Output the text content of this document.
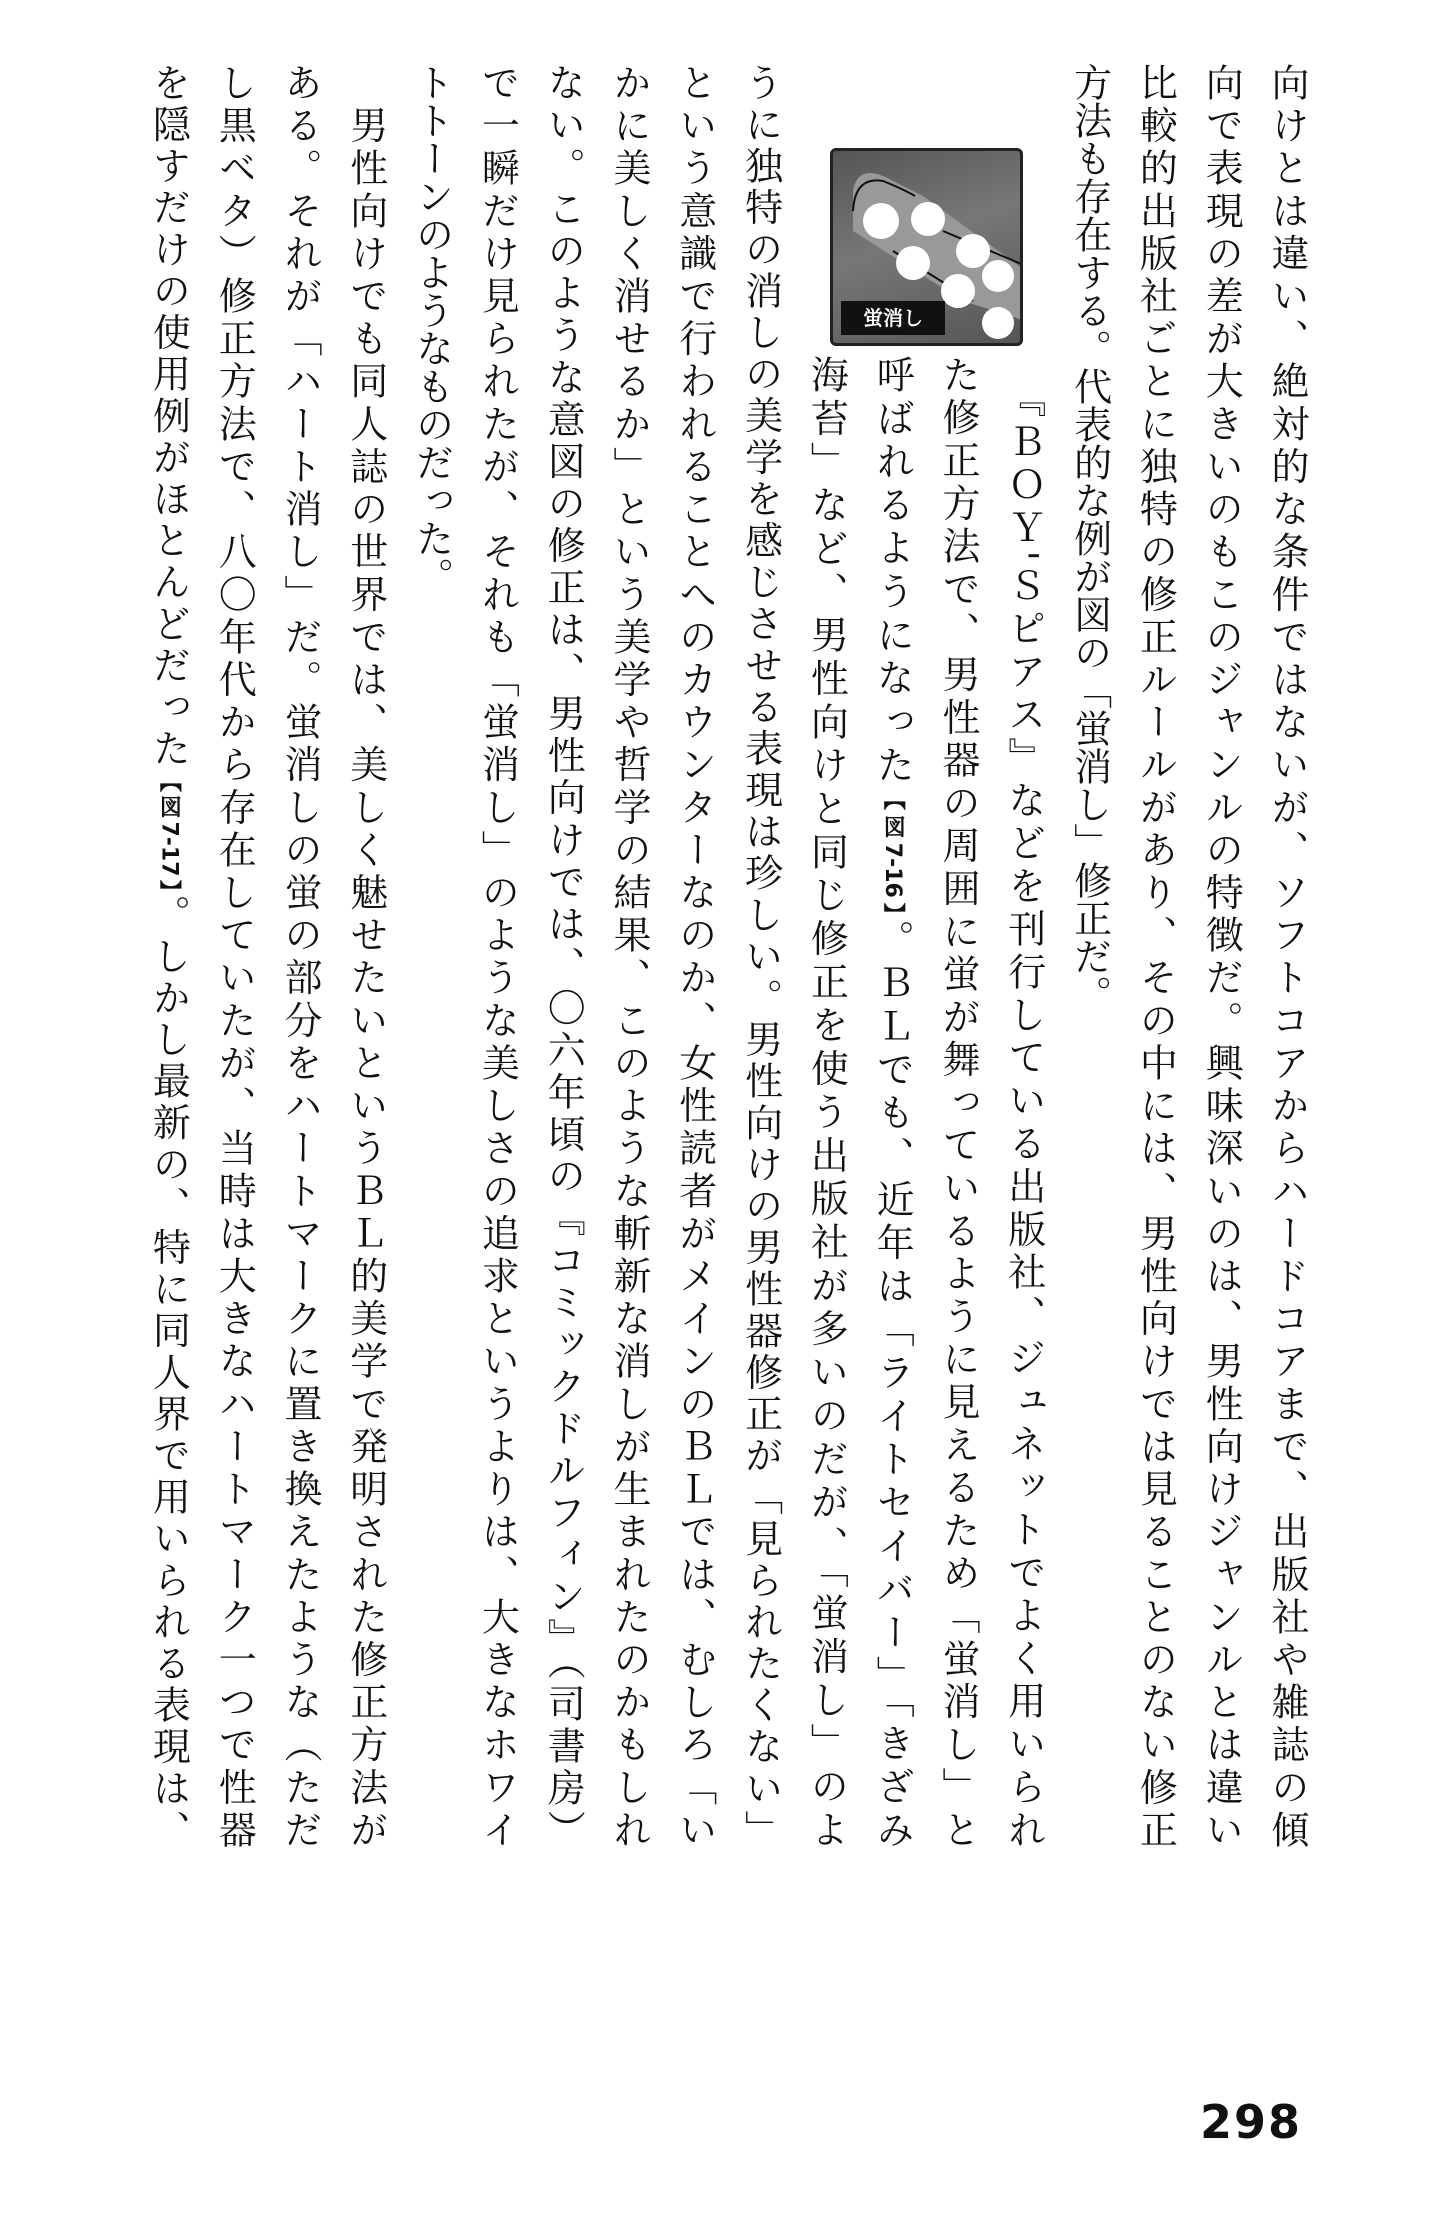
向けとは違い、絶対的な条件ではないが、ソフトコアからハードコアまで、出版社や雑誌の傾
向で表現の差が大きいのもこのジャンルの特徴だ。興味深いのは、男性向けジャンルとは違い
比較的出版社ごとに独特の修正ルールがあり、その中には、男性向けでは見ることのない修正
方法も存在する。代表的な例が図の「蛍消し」修正だ。
　『ＢＯＹ'Ｓピアス』などを刊行している出版社、ジュネットでよく用いられ
た修正方法で、男性器の周囲に蛍が舞っているように見えるため「蛍消し」と
呼ばれるようになった【図7-16】。ＢＬでも、近年は「ライトセイバー」「きざみ
海苔」など、男性向けと同じ修正を使う出版社が多いのだが、「蛍消し」のよ
うに独特の消しの美学を感じさせる表現は珍しい。男性向けの男性器修正が「見られたくない」
という意識で行われることへのカウンターなのか、女性読者がメインのＢＬでは、むしろ「い
かに美しく消せるか」という美学や哲学の結果、このような斬新な消しが生まれたのかもしれ
ない。このような意図の修正は、男性向けでは、〇六年頃の『コミックドルフィン』（司書房）
で一瞬だけ見られたが、それも「蛍消し」のような美しさの追求というよりは、大きなホワイ
トトーンのようなものだった。
　男性向けでも同人誌の世界では、美しく魅せたいというＢＬ的美学で発明された修正方法が
ある。それが「ハート消し」だ。蛍消しの蛍の部分をハートマークに置き換えたような（ただ
し黒ベタ）修正方法で、八〇年代から存在していたが、当時は大きなハートマーク一つで性器
を隠すだけの使用例がほとんどだった【図7-17】。しかし最新の、特に同人界で用いられる表現は、
蛍消し
298
